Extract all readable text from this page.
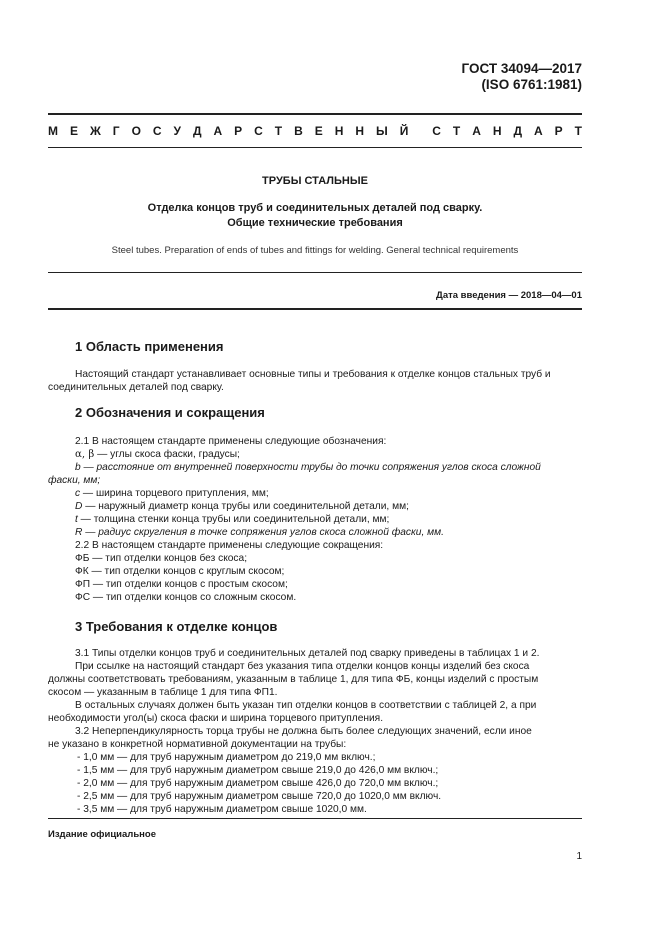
ГОСТ 34094—2017
(ISO 6761:1981)
М Е Ж Г О С У Д А Р С Т В Е Н Н Ы Й С Т А Н Д А Р Т
ТРУБЫ СТАЛЬНЫЕ
Отделка концов труб и соединительных деталей под сварку.
Общие технические требования
Steel tubes. Preparation of ends of tubes and fittings for welding. General technical requirements
Дата введения — 2018—04—01
1 Область применения

Настоящий стандарт устанавливает основные типы и требования к отделке концов стальных труб и

соединительных деталей под сварку.

2 Обозначения и сокращения

2.1 В настоящем стандарте применены следующие обозначения:

α, β — углы скоса фаски, градусы;

b — расстояние от внутренней поверхности трубы до точки сопряжения углов скоса сложной

фаски, мм;

c — ширина торцевого притупления, мм;

D — наружный диаметр конца трубы или соединительной детали, мм;

t — толщина стенки конца трубы или соединительной детали, мм;

R — радиус скругления в точке сопряжения углов скоса сложной фаски, мм.

2.2 В настоящем стандарте применены следующие сокращения:

ФБ — тип отделки концов без скоса;

ФК — тип отделки концов с круглым скосом;

ФП — тип отделки концов с простым скосом;

ФС — тип отделки концов со сложным скосом.

3 Требования к отделке концов

3.1 Типы отделки концов труб и соединительных деталей под сварку приведены в таблицах 1 и 2.

При ссылке на настоящий стандарт без указания типа отделки концов концы изделий без скоса

должны соответствовать требованиям, указанным в таблице 1, для типа ФБ, концы изделий с простым

скосом — указанным в таблице 1 для типа ФП1.

В остальных случаях должен быть указан тип отделки концов в соответствии с таблицей 2, а при

необходимости угол(ы) скоса фаски и ширина торцевого притупления.

3.2 Неперпендикулярность торца трубы не должна быть более следующих значений, если иное

не указано в конкретной нормативной документации на трубы:

- 1,0 мм — для труб наружным диаметром до 219,0 мм включ.;

- 1,5 мм — для труб наружным диаметром свыше 219,0 до 426,0 мм включ.;

- 2,0 мм — для труб наружным диаметром свыше 426,0 до 720,0 мм включ.;

- 2,5 мм — для труб наружным диаметром свыше 720,0 до 1020,0 мм включ.

- 3,5 мм — для труб наружным диаметром свыше 1020,0 мм.

Издание официальное
1
